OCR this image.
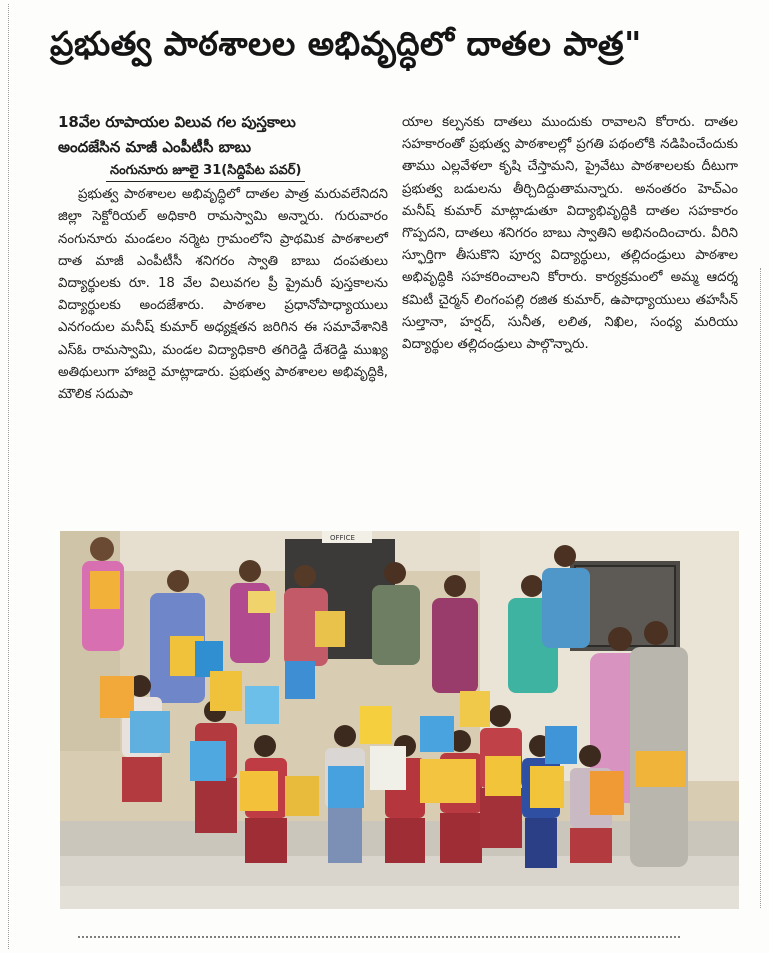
ప్రభుత్వ పాఠశాలల అభివృద్ధిలో దాతల పాత్ర"

18వేల రూపాయల విలువ గల పుస్తకాలు

అందజేసిన మాజీ ఎంపీటీసీ బాబు

నంగునూరు జూలై 31(సిద్దిపేట పవర్)

ప్రభుత్వ పాఠశాలల అభివృద్ధిలో దాతల పాత్ర మరువలేనిదని జిల్లా సెక్టోరియల్ అధికారి రామస్వామి అన్నారు. గురువారం నంగునూరు మండలం నర్మెట గ్రామంలోని ప్రాథమిక పాఠశాలలో దాత మాజీ ఎంపీటీసీ శనిగరం స్వాతి బాబు దంపతులు విద్యార్థులకు రూ. 18 వేల విలువగల ప్రీ ప్రైమరీ పుస్తకాలను విద్యార్థులకు అందజేశారు. పాఠశాల ప్రధానోపాధ్యాయులు ఎనగందుల మనీష్ కుమార్ అధ్యక్షతన జరిగిన ఈ సమావేశానికి ఎస్ఓ రామస్వామి, మండల విద్యాధికారి తగిరెడ్డి దేశరెడ్డి ముఖ్య అతిథులుగా హాజరై మాట్లాడారు. ప్రభుత్వ పాఠశాలల అభివృద్ధికి, మౌలిక సదుపా

యాల కల్పనకు దాతలు ముందుకు రావాలని కోరారు. దాతల సహకారంతో ప్రభుత్వ పాఠశాలల్లో ప్రగతి పథంలోకి నడిపించేందుకు తాము ఎల్లవేళలా కృషి చేస్తామని, ప్రైవేటు పాఠశాలలకు దీటుగా ప్రభుత్వ బడులను తీర్చిదిద్దుతామన్నారు. అనంతరం హెచ్ఎం మనీష్ కుమార్ మాట్లాడుతూ విద్యాభివృద్ధికి దాతల సహకారం గొప్పదని, దాతలు శనిగరం బాబు స్వాతిని అభినందించారు. వీరిని స్ఫూర్తిగా తీసుకొని పూర్వ విద్యార్థులు, తల్లిదండ్రులు పాఠశాల అభివృద్ధికి సహకరించాలని కోరారు. కార్యక్రమంలో అమ్మ ఆదర్శ కమిటీ చైర్మన్ లింగంపల్లి రజిత కుమార్, ఉపాధ్యాయులు తహసీన్ సుల్తానా, హర్షద్, సునీత, లలిత, నిఖిల, సంధ్య మరియు విద్యార్థుల తల్లిదండ్రులు పాల్గొన్నారు.

OFFICE
